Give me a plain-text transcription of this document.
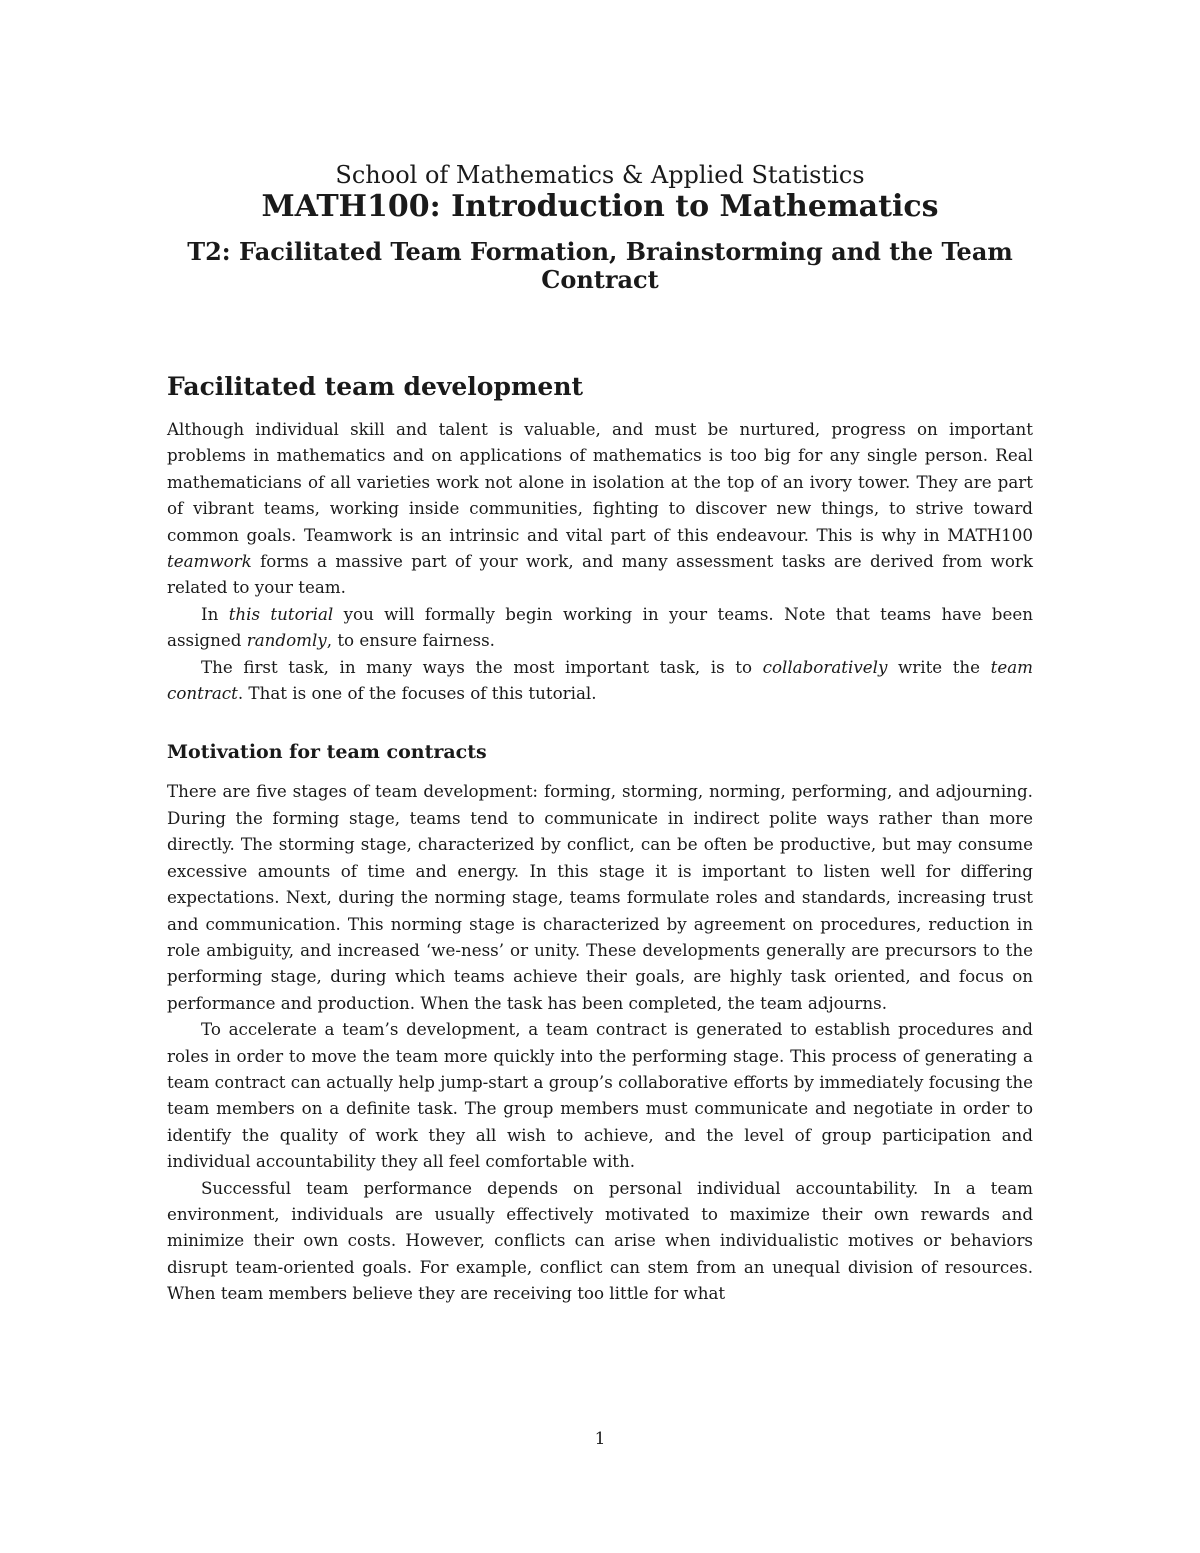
School of Mathematics & Applied Statistics
MATH100: Introduction to Mathematics
T2: Facilitated Team Formation, Brainstorming and the Team Contract
Facilitated team development

Although individual skill and talent is valuable, and must be nurtured, progress on important problems in mathematics and on applications of mathematics is too big for any single person. Real mathematicians of all varieties work not alone in isolation at the top of an ivory tower. They are part of vibrant teams, working inside communities, fighting to discover new things, to strive toward common goals. Teamwork is an intrinsic and vital part of this endeavour. This is why in MATH100 teamwork forms a massive part of your work, and many assessment tasks are derived from work related to your team.

In this tutorial you will formally begin working in your teams. Note that teams have been assigned randomly, to ensure fairness.

The first task, in many ways the most important task, is to collaboratively write the team contract. That is one of the focuses of this tutorial.

Motivation for team contracts

There are five stages of team development: forming, storming, norming, performing, and adjourning. During the forming stage, teams tend to communicate in indirect polite ways rather than more directly. The storming stage, characterized by conflict, can be often be productive, but may consume excessive amounts of time and energy. In this stage it is important to listen well for differing expectations. Next, during the norming stage, teams formulate roles and standards, increasing trust and communication. This norming stage is characterized by agreement on procedures, reduction in role ambiguity, and increased ‘we-ness’ or unity. These developments generally are precursors to the performing stage, during which teams achieve their goals, are highly task oriented, and focus on performance and production. When the task has been completed, the team adjourns.

To accelerate a team’s development, a team contract is generated to establish procedures and roles in order to move the team more quickly into the performing stage. This process of generating a team contract can actually help jump-start a group’s collaborative efforts by immediately focusing the team members on a definite task. The group members must communicate and negotiate in order to identify the quality of work they all wish to achieve, and the level of group participation and individual accountability they all feel comfortable with.

Successful team performance depends on personal individual accountability. In a team environment, individuals are usually effectively motivated to maximize their own rewards and minimize their own costs. However, conflicts can arise when individualistic motives or behaviors disrupt team-oriented goals. For example, conflict can stem from an unequal division of resources. When team members believe they are receiving too little for what

1
